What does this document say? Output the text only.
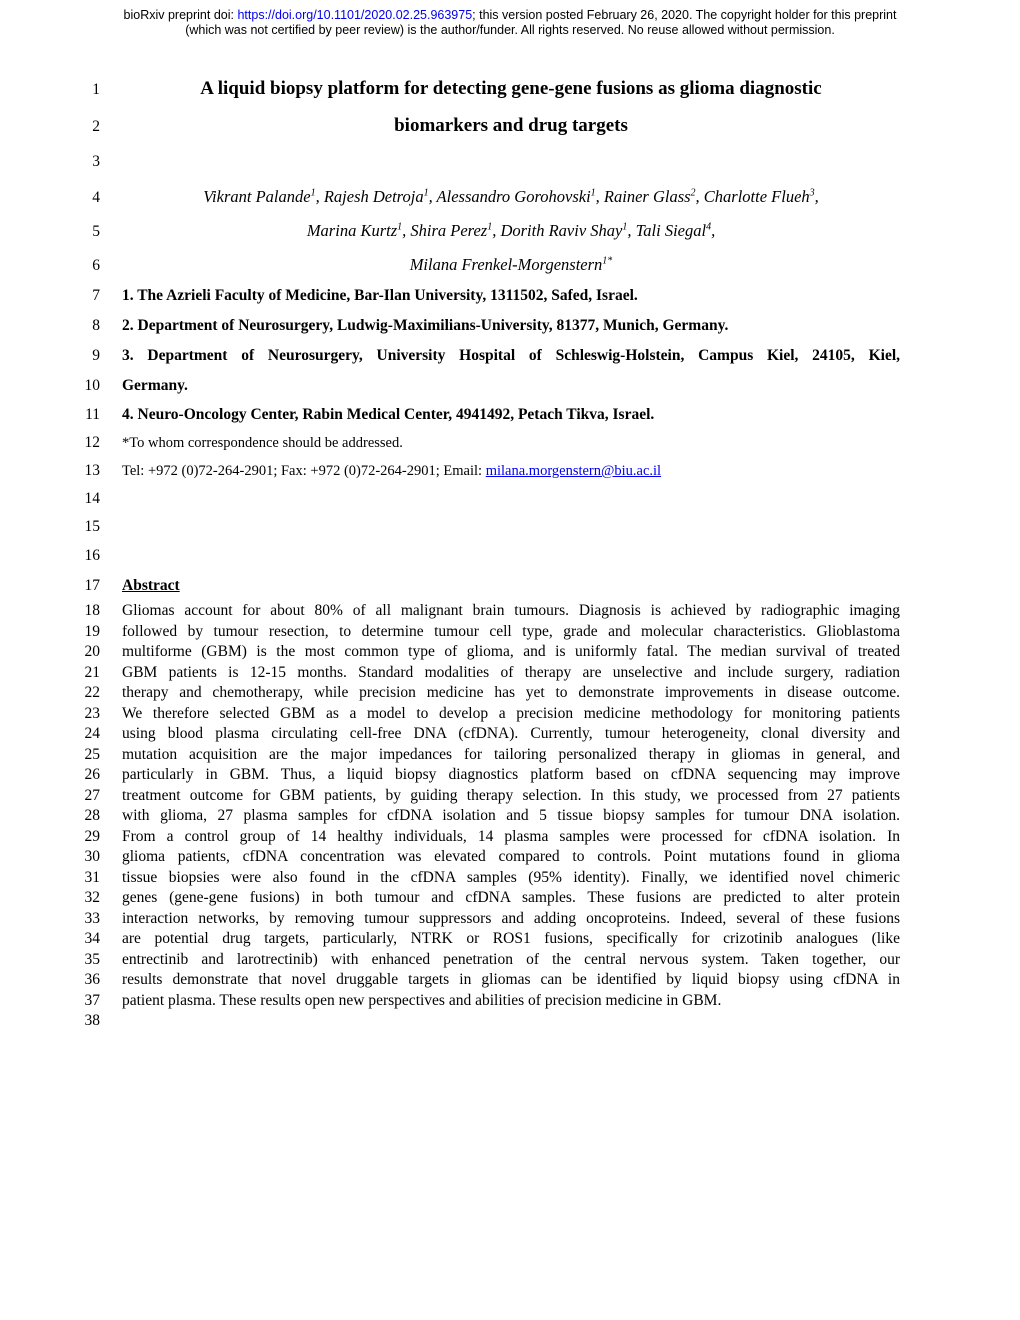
bioRxiv preprint doi: https://doi.org/10.1101/2020.02.25.963975; this version posted February 26, 2020. The copyright holder for this preprint
(which was not certified by peer review) is the author/funder. All rights reserved. No reuse allowed without permission.
1	A liquid biopsy platform for detecting gene-gene fusions as glioma diagnostic
2	biomarkers and drug targets
3
4	Vikrant Palande$^1$, Rajesh Detroja$^1$, Alessandro Gorohovski$^1$, Rainer Glass$^2$, Charlotte Flueh$^3$,
5	Marina Kurtz$^1$, Shira Perez$^1$, Dorith Raviv Shay$^1$, Tali Siegal$^4$,
6	Milana Frenkel-Morgenstern$^{1*}$
7 1. The Azrieli Faculty of Medicine, Bar-Ilan University, 1311502, Safed, Israel.
8 2. Department of Neurosurgery, Ludwig-Maximilians-University, 81377, Munich, Germany.
9 3. Department of Neurosurgery, University Hospital of Schleswig-Holstein, Campus Kiel, 24105, Kiel,
10 Germany.
11 4. Neuro-Oncology Center, Rabin Medical Center, 4941492, Petach Tikva, Israel.
12 *To whom correspondence should be addressed.
13 Tel: +972 (0)72-264-2901; Fax: +972 (0)72-264-2901; Email: milana.morgenstern@biu.ac.il
14
15
16
17 Abstract
18 Gliomas account for about 80% of all malignant brain tumours. Diagnosis is achieved by radiographic imaging
19 followed by tumour resection, to determine tumour cell type, grade and molecular characteristics. Glioblastoma
20 multiforme (GBM) is the most common type of glioma, and is uniformly fatal. The median survival of treated
21 GBM patients is 12-15 months. Standard modalities of therapy are unselective and include surgery, radiation
22 therapy and chemotherapy, while precision medicine has yet to demonstrate improvements in disease outcome.
23 We therefore selected GBM as a model to develop a precision medicine methodology for monitoring patients
24 using blood plasma circulating cell-free DNA (cfDNA). Currently, tumour heterogeneity, clonal diversity and
25 mutation acquisition are the major impedances for tailoring personalized therapy in gliomas in general, and
26 particularly in GBM. Thus, a liquid biopsy diagnostics platform based on cfDNA sequencing may improve
27 treatment outcome for GBM patients, by guiding therapy selection. In this study, we processed from 27 patients
28 with glioma, 27 plasma samples for cfDNA isolation and 5 tissue biopsy samples for tumour DNA isolation.
29 From a control group of 14 healthy individuals, 14 plasma samples were processed for cfDNA isolation. In
30 glioma patients, cfDNA concentration was elevated compared to controls. Point mutations found in glioma
31 tissue biopsies were also found in the cfDNA samples (95% identity). Finally, we identified novel chimeric
32 genes (gene-gene fusions) in both tumour and cfDNA samples. These fusions are predicted to alter protein
33 interaction networks, by removing tumour suppressors and adding oncoproteins. Indeed, several of these fusions
34 are potential drug targets, particularly, NTRK or ROS1 fusions, specifically for crizotinib analogues (like
35 entrectinib and larotrectinib) with enhanced penetration of the central nervous system. Taken together, our
36 results demonstrate that novel druggable targets in gliomas can be identified by liquid biopsy using cfDNA in
37 patient plasma. These results open new perspectives and abilities of precision medicine in GBM.
38
